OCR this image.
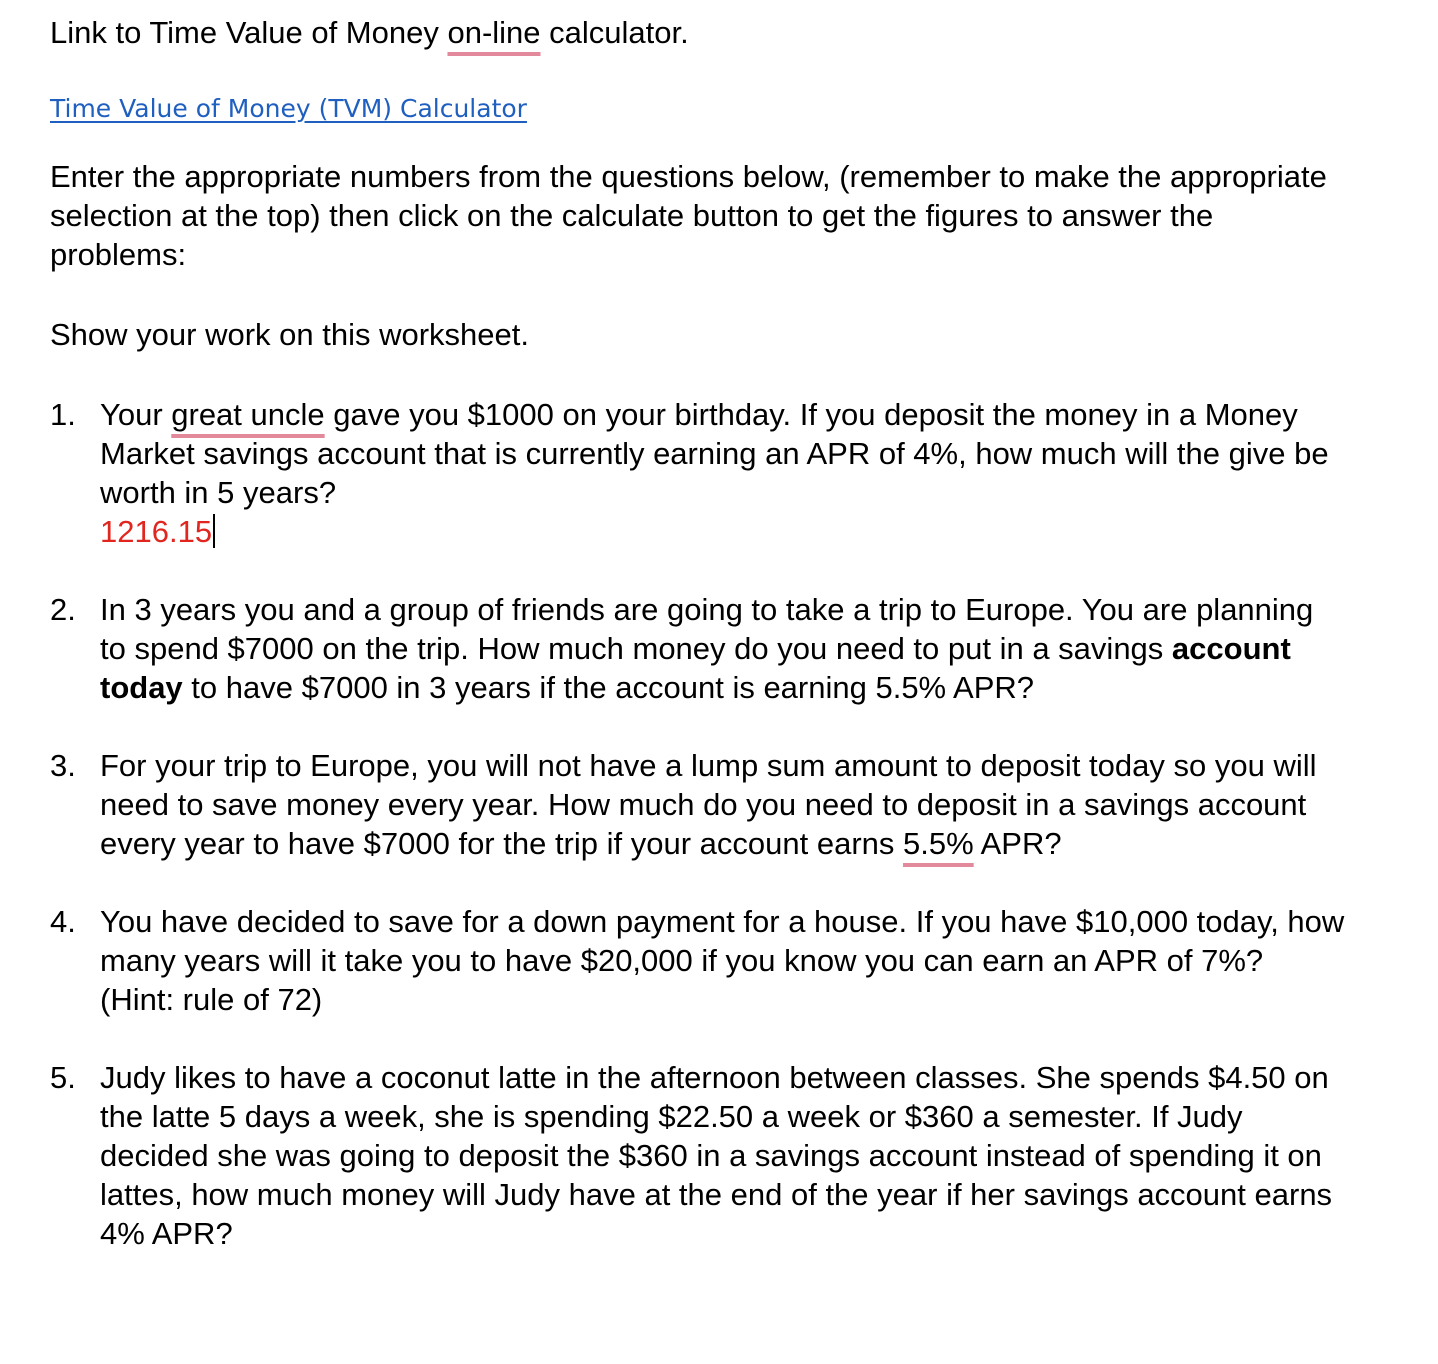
Link to Time Value of Money on-line calculator.

Time Value of Money (TVM) Calculator

Enter the appropriate numbers from the questions below, (remember to make the appropriate selection at the top) then click on the calculate button to get the figures to answer the problems:

Show your work on this worksheet.

1. Your great uncle gave you $1000 on your birthday. If you deposit the money in a Money Market savings account that is currently earning an APR of 4%, how much will the give be worth in 5 years?
1216.15
2. In 3 years you and a group of friends are going to take a trip to Europe. You are planning to spend $7000 on the trip. How much money do you need to put in a savings account today to have $7000 in 3 years if the account is earning 5.5% APR?
3. For your trip to Europe, you will not have a lump sum amount to deposit today so you will need to save money every year. How much do you need to deposit in a savings account every year to have $7000 for the trip if your account earns 5.5% APR?
4. You have decided to save for a down payment for a house. If you have $10,000 today, how many years will it take you to have $20,000 if you know you can earn an APR of 7%? (Hint: rule of 72)
5. Judy likes to have a coconut latte in the afternoon between classes. She spends $4.50 on the latte 5 days a week, she is spending $22.50 a week or $360 a semester. If Judy decided she was going to deposit the $360 in a savings account instead of spending it on lattes, how much money will Judy have at the end of the year if her savings account earns 4% APR?
